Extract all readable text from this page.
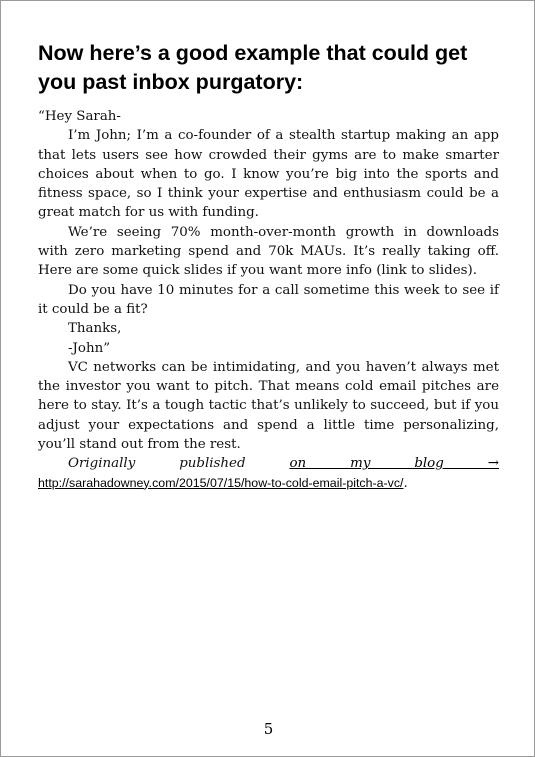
Now here’s a good example that could get you past inbox purgatory:

“Hey Sarah-

I’m John; I’m a co-founder of a stealth startup making an app that lets users see how crowded their gyms are to make smarter choices about when to go. I know you’re big into the sports and fitness space, so I think your expertise and enthusiasm could be a great match for us with funding.

We’re seeing 70% month-over-month growth in downloads with zero marketing spend and 70k MAUs. It’s really taking off. Here are some quick slides if you want more info (link to slides).

Do you have 10 minutes for a call sometime this week to see if it could be a fit?

Thanks,
-John”

VC networks can be intimidating, and you haven’t always met the investor you want to pitch. That means cold email pitches are here to stay. It’s a tough tactic that’s unlikely to succeed, but if you adjust your expectations and spend a little time personalizing, you’ll stand out from the rest.

Originally published	on my blog → http://sarahadowney.com/2015/07/15/how-to-cold-email-pitch-a-vc/.

5
